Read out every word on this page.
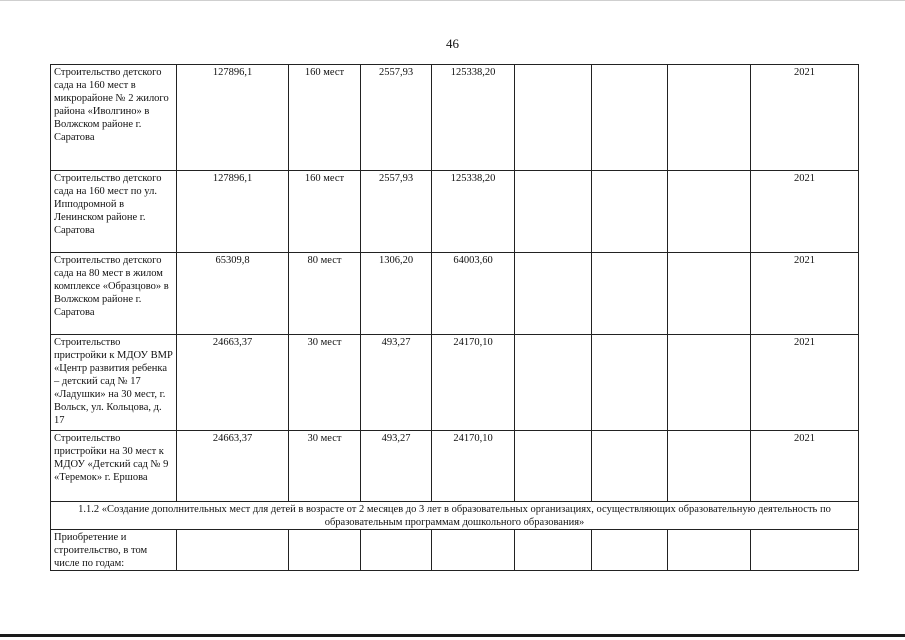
46
Строительство детского сада на 160 мест в микрорайоне № 2 жилого района «Иволгино» в Волжском районе г. Саратова	127896,1	160 мест	2557,93	125338,20				2021
Строительство детского сада на 160 мест по ул. Ипподромной в Ленинском районе г. Саратова	127896,1	160 мест	2557,93	125338,20				2021
Строительство детского сада на 80 мест в жилом комплексе «Образцово» в Волжском районе г. Саратова	65309,8	80 мест	1306,20	64003,60				2021
Строительство пристройки к МДОУ ВМР «Центр развития ребенка – детский сад № 17 «Ладушки» на 30 мест, г. Вольск, ул. Кольцова, д. 17	24663,37	30 мест	493,27	24170,10				2021
Строительство пристройки на 30 мест к МДОУ «Детский сад № 9 «Теремок» г. Ершова	24663,37	30 мест	493,27	24170,10				2021
1.1.2 «Создание дополнительных мест для детей в возрасте от 2 месяцев до 3 лет в образовательных организациях, осуществляющих образовательную деятельность по образовательным программам дошкольного образования»								
Приобретение и строительство, в том числе по годам:								
